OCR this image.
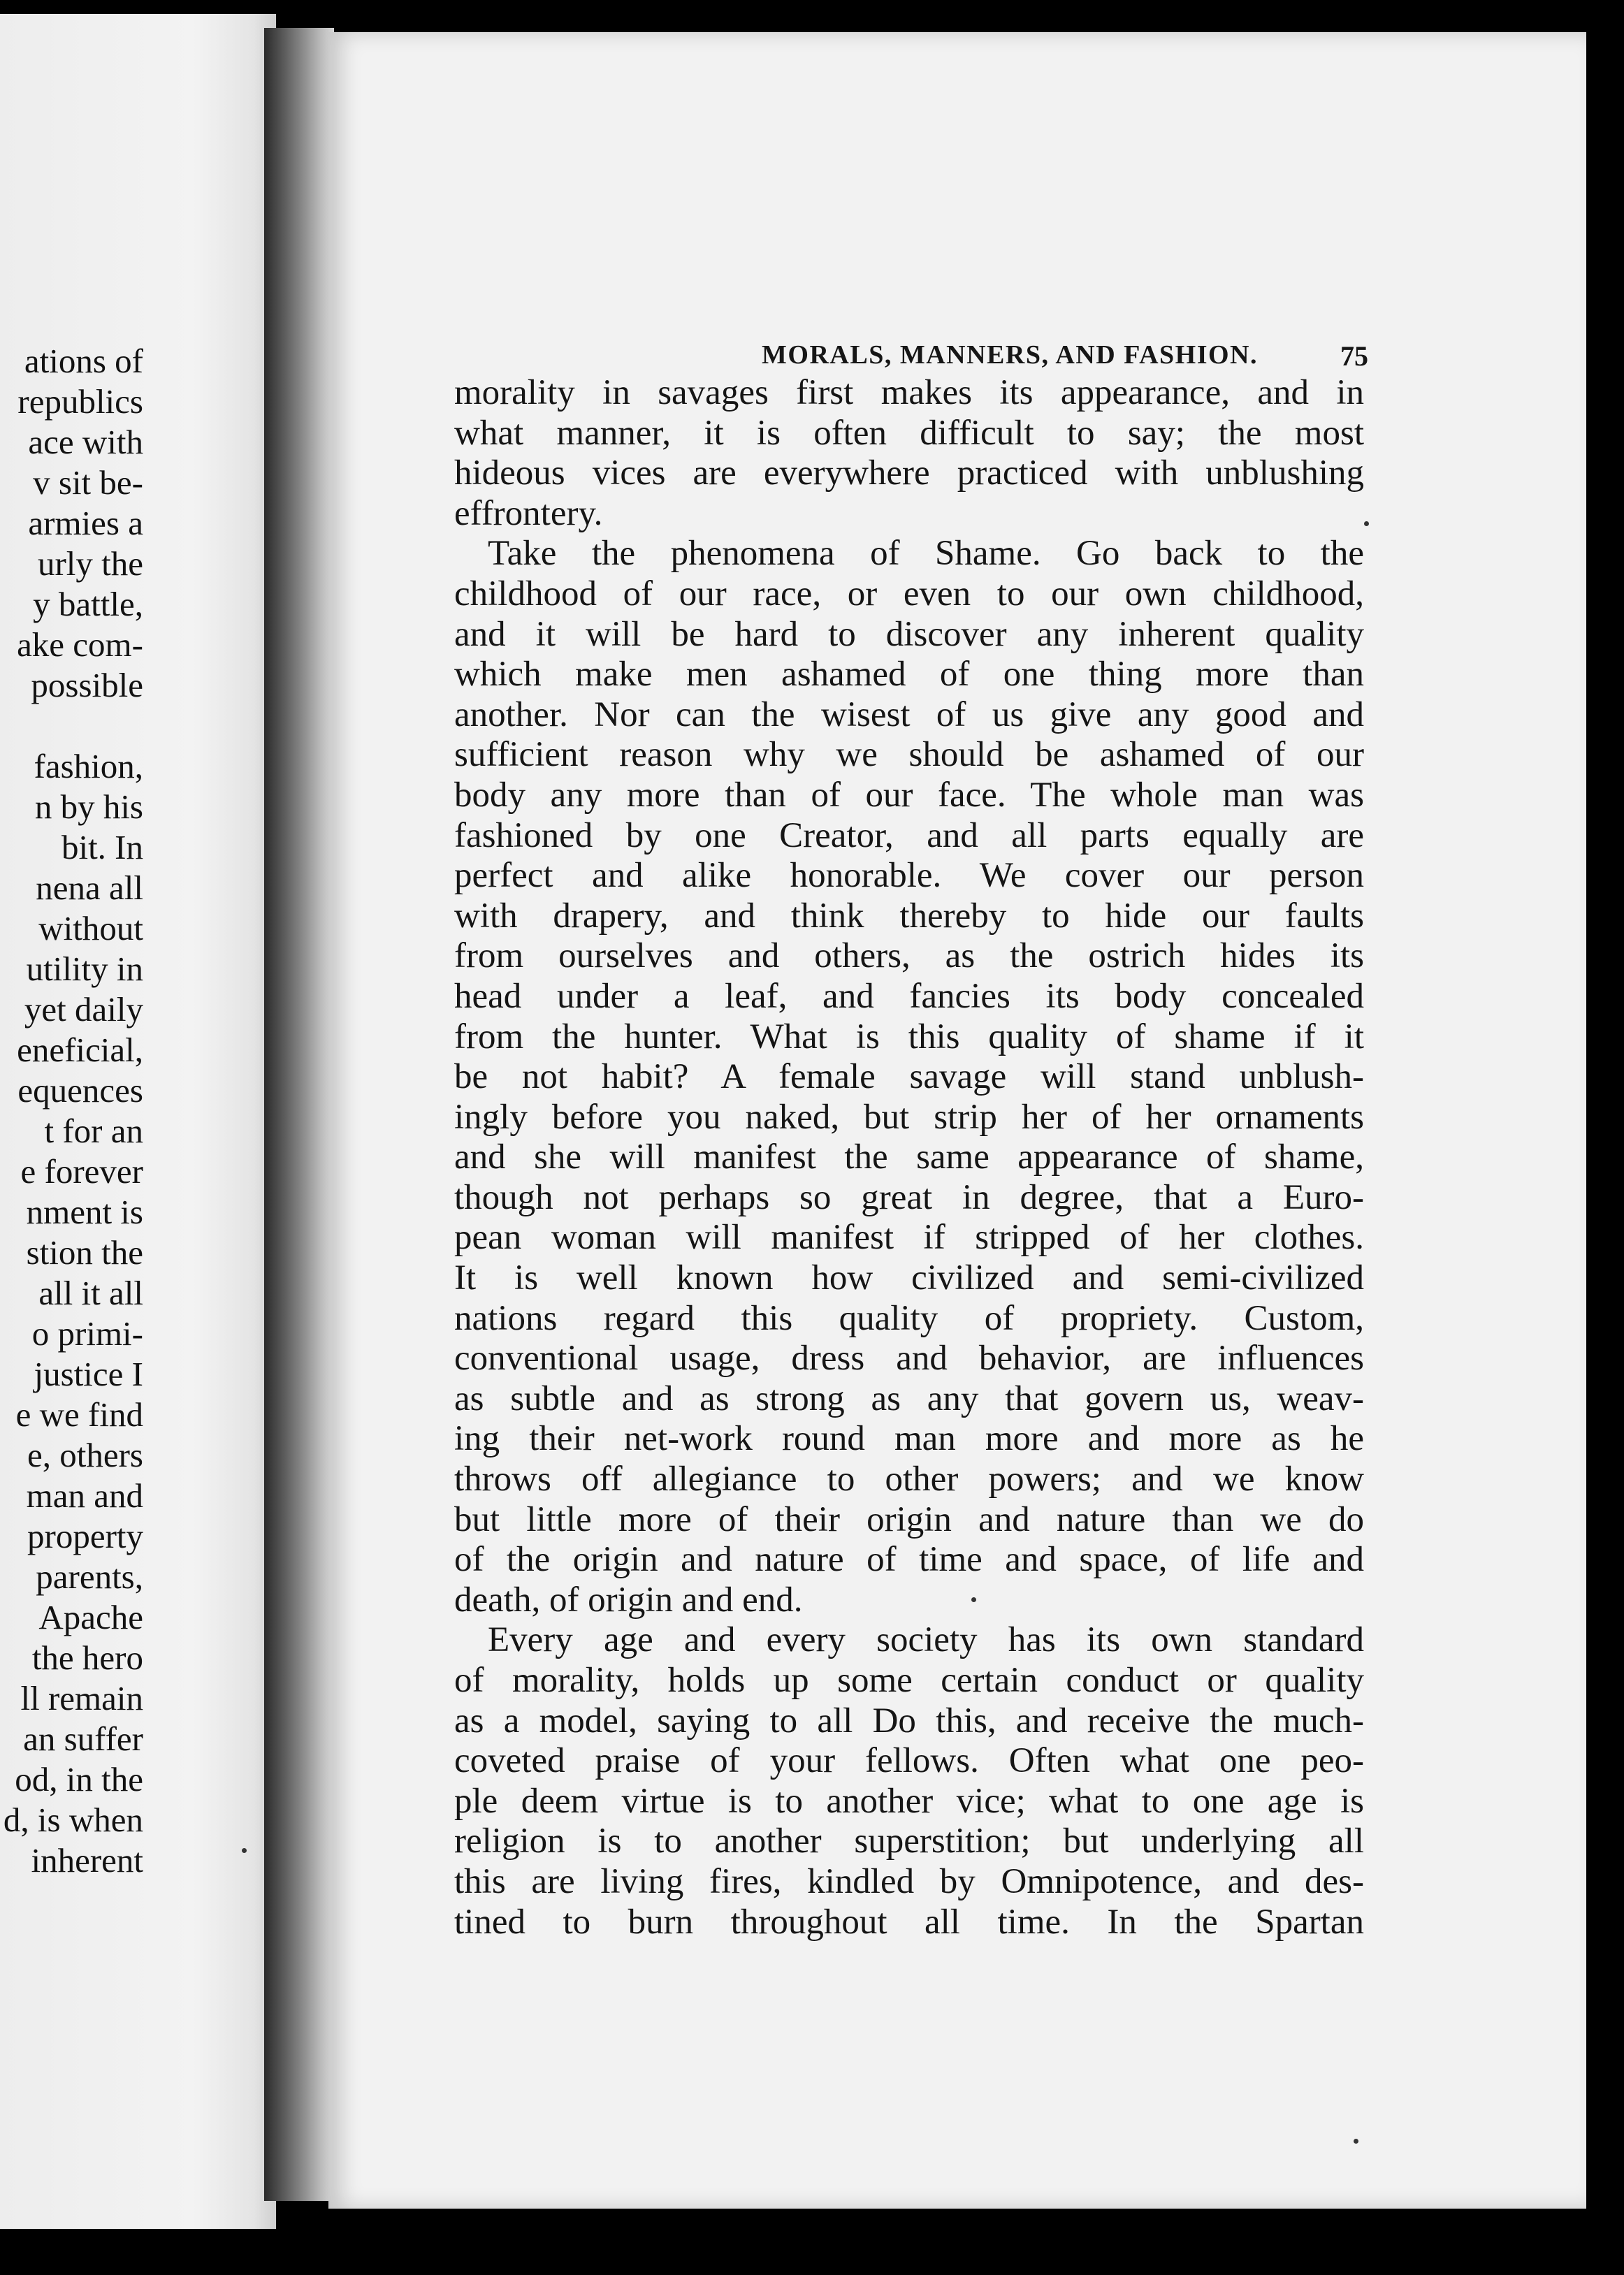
ations of
republics
ace with
v sit be-
armies a
urly the
y battle,
ake com-
possible
fashion,
n by his
bit. In
nena all
without
utility in
yet daily
eneficial,
equences
t for an
e forever
nment is
stion the
all it all
o primi-
justice I
e we find
e, others
man and
property
parents,
Apache
the hero
ll remain
an suffer
od, in the
d, is when
inherent
MORALS, MANNERS, AND FASHION.	75
morality in savages first makes its appearance, and in
what manner, it is often difficult to say; the most
hideous vices are everywhere practiced with unblushing
effrontery.
Take the phenomena of Shame. Go back to the
childhood of our race, or even to our own childhood,
and it will be hard to discover any inherent quality
which make men ashamed of one thing more than
another. Nor can the wisest of us give any good and
sufficient reason why we should be ashamed of our
body any more than of our face. The whole man was
fashioned by one Creator, and all parts equally are
perfect and alike honorable. We cover our person
with drapery, and think thereby to hide our faults
from ourselves and others, as the ostrich hides its
head under a leaf, and fancies its body concealed
from the hunter. What is this quality of shame if it
be not habit? A female savage will stand unblush-
ingly before you naked, but strip her of her ornaments
and she will manifest the same appearance of shame,
though not perhaps so great in degree, that a Euro-
pean woman will manifest if stripped of her clothes.
It is well known how civilized and semi-civilized
nations regard this quality of propriety. Custom,
conventional usage, dress and behavior, are influences
as subtle and as strong as any that govern us, weav-
ing their net-work round man more and more as he
throws off allegiance to other powers; and we know
but little more of their origin and nature than we do
of the origin and nature of time and space, of life and
death, of origin and end.
Every age and every society has its own standard
of morality, holds up some certain conduct or quality
as a model, saying to all Do this, and receive the much-
coveted praise of your fellows. Often what one peo-
ple deem virtue is to another vice; what to one age is
religion is to another superstition; but underlying all
this are living fires, kindled by Omnipotence, and des-
tined to burn throughout all time. In the Spartan
